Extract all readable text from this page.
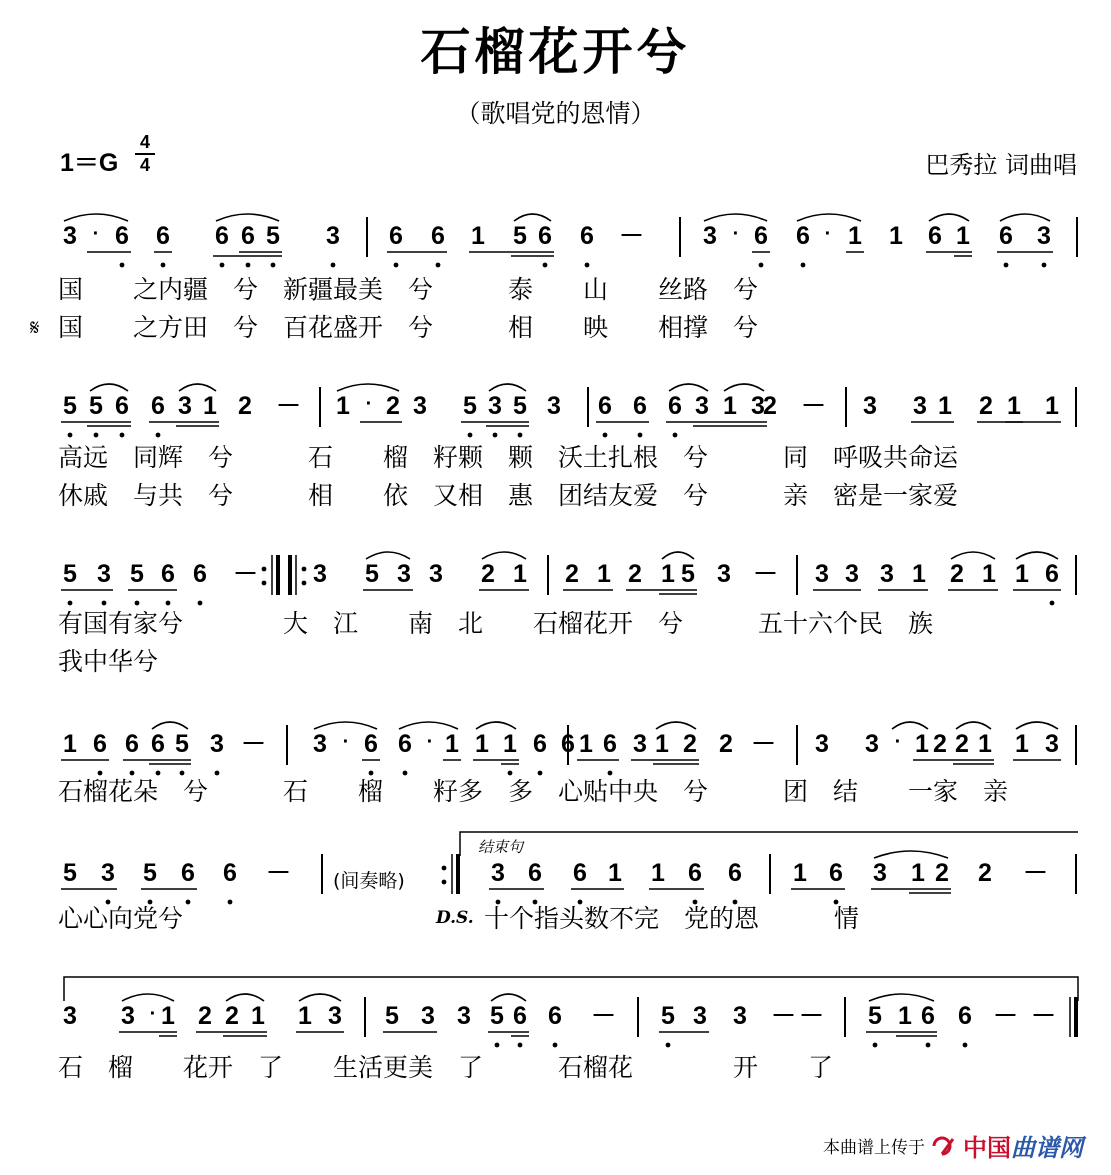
石榴花开兮
（歌唱党的恩情）
1＝G
4
4	巴秀拉 词曲唱
3 · 6 6 6 6 5 3 6 6 1 5 6 6 － 3 · 6 6 · 1 1 6 1 6 3
国　　之内疆　兮　新疆最美　兮　　　泰　　山　　丝路　兮
𝄋 国　　之方田　兮　百花盛开　兮　　　相　　映　　相撑　兮
5 5 6 6 3 1 2 － 1 · 2 3 5 3 5 3 6 6 6 3 1 3
2 － 3 3 1 2 1 1
高远　同辉　兮　　　石　　榴　籽颗　颗　沃土扎根　兮　　　同　呼吸共命运
休戚　与共　兮　　　相　　依　又相　惠　团结友爱　兮　　　亲　密是一家爱
5 3 5 6 6 － 3 5 3 3 2 1 2 1 2 1 5 3 － 3 3 3 1 2 1 1 6
有国有家兮　　　　大　江　　南　北　　石榴花开　兮　　　五十六个民　族
我中华兮
1 6 6 6 5 3 － 3 · 6 6 · 1 1 1 6 6 1 6 3 1 2 2 － 3 3 · 1 2 2 1 1 3
石榴花朵　兮　　　石　　榴　　籽多　多　心贴中央　兮　　　团　结　　一家　亲
结束句
5 3 5 6 6 －	3 6 6 1 1 6 6 1 6 3 1 2 2 －
(间奏略)
心心向党兮	D.S. 十个指头数不完　党的恩　　　情
3 3 · 1 2 2 1 1 3 5 3 3 5 6 6 － 5 3 3 － － 5 1 6 6 － －
石　榴　　花开　了　　生活更美　了　　　石榴花　　　　开　　了
本曲谱上传于 中国曲谱网
